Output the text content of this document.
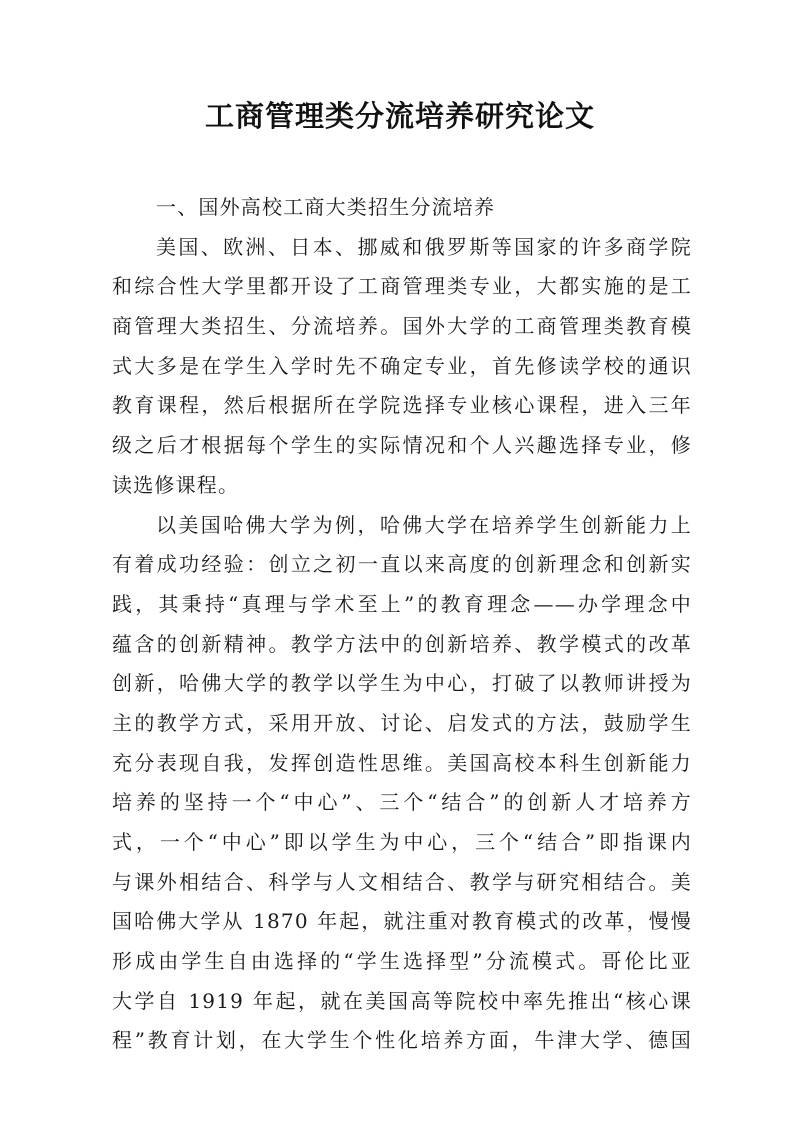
工商管理类分流培养研究论文

一、国外高校工商大类招生分流培养

美国、欧洲、日本、挪威和俄罗斯等国家的许多商学院
和综合性大学里都开设了工商管理类专业，大都实施的是工
商管理大类招生、分流培养。国外大学的工商管理类教育模
式大多是在学生入学时先不确定专业，首先修读学校的通识
教育课程，然后根据所在学院选择专业核心课程，进入三年
级之后才根据每个学生的实际情况和个人兴趣选择专业，修
读选修课程。

以美国哈佛大学为例，哈佛大学在培养学生创新能力上
有着成功经验：创立之初一直以来高度的创新理念和创新实
践，其秉持“真理与学术至上”的教育理念——办学理念中
蕴含的创新精神。教学方法中的创新培养、教学模式的改革
创新，哈佛大学的教学以学生为中心，打破了以教师讲授为
主的教学方式，采用开放、讨论、启发式的方法，鼓励学生
充分表现自我，发挥创造性思维。美国高校本科生创新能力
培养的坚持一个“中心”、三个“结合”的创新人才培养方
式，一个“中心”即以学生为中心，三个“结合”即指课内
与课外相结合、科学与人文相结合、教学与研究相结合。美
国哈佛大学从 1870 年起，就注重对教育模式的改革，慢慢
形成由学生自由选择的“学生选择型”分流模式。哥伦比亚
大学自 1919 年起，就在美国高等院校中率先推出“核心课
程”教育计划，在大学生个性化培养方面，牛津大学、德国
